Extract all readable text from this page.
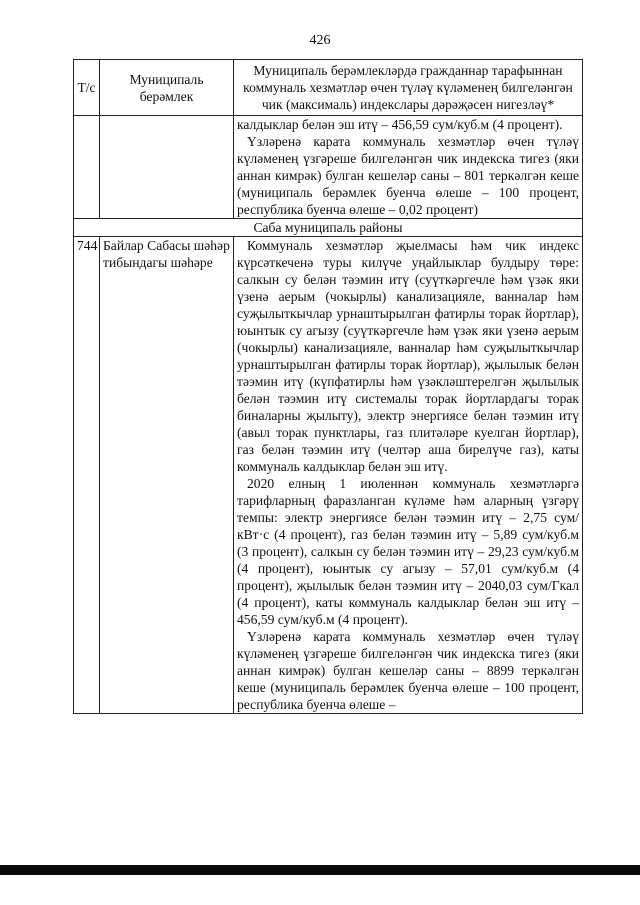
426
Т/с	Муниципаль берәмлек	Муниципаль берәмлекләрдә гражданнар тарафыннан коммуналь хезмәтләр өчен түләү күләменең билгеләнгән чик (максималь) индекслары дәрәҗәсен нигезләү*

		калдыклар белән эш итү – 456,59 сум/куб.м (4 процент).

Үзләренә карата коммуналь хезмәтләр өчен түләү күләменең үзгәреше билгеләнгән чик индекска тигез (яки аннан кимрәк) булган кешеләр саны – 801 теркәлгән кеше (муниципаль берәмлек буенча өлеше – 100 процент, республика буенча өлеше – 0,02 процент)

Саба муниципаль районы		
744	Байлар Сабасы шәһәр тибындагы шәһәре	Коммуналь хезмәтләр җыелмасы һәм чик индекс күрсәткеченә туры килүче уңайлыклар булдыру төре: салкын су белән тәэмин итү (суүткәргечле һәм үзәк яки үзенә аерым (чокырлы) канализацияле, ванналар һәм суҗылыткычлар урнаштырылган фатирлы торак йортлар), юынтык су агызу (суүткәргечле һәм үзәк яки үзенә аерым (чокырлы) канализацияле, ванналар һәм суҗылыткычлар урнаштырылган фатирлы торак йортлар), җылылык белән тәэмин итү (күпфатирлы һәм үзәкләштерелгән җылылык белән тәэмин итү системалы торак йортлардагы торак биналарны җылыту), электр энергиясе белән тәэмин итү (авыл торак пунктлары, газ плитәләре куелган йортлар), газ белән тәэмин итү (челтәр аша бирелүче газ), каты коммуналь калдыклар белән эш итү.

2020 елның 1 июленнән коммуналь хезмәтләргә тарифларның фаразланган күләме һәм аларның үзгәрү темпы: электр энергиясе белән тәэмин итү – 2,75 сум/кВт·с (4 процент), газ белән тәэмин итү – 5,89 сум/куб.м (3 процент), салкын су белән тәэмин итү – 29,23 сум/куб.м (4 процент), юынтык су агызу – 57,01 сум/куб.м (4 процент), җылылык белән тәэмин итү – 2040,03 сум/Гкал (4 процент), каты коммуналь калдыклар белән эш итү – 456,59 сум/куб.м (4 процент).

Үзләренә карата коммуналь хезмәтләр өчен түләү күләменең үзгәреше билгеләнгән чик индекска тигез (яки аннан кимрәк) булган кешеләр саны – 8899 теркәлгән кеше (муниципаль берәмлек буенча өлеше – 100 процент, республика буенча өлеше –
